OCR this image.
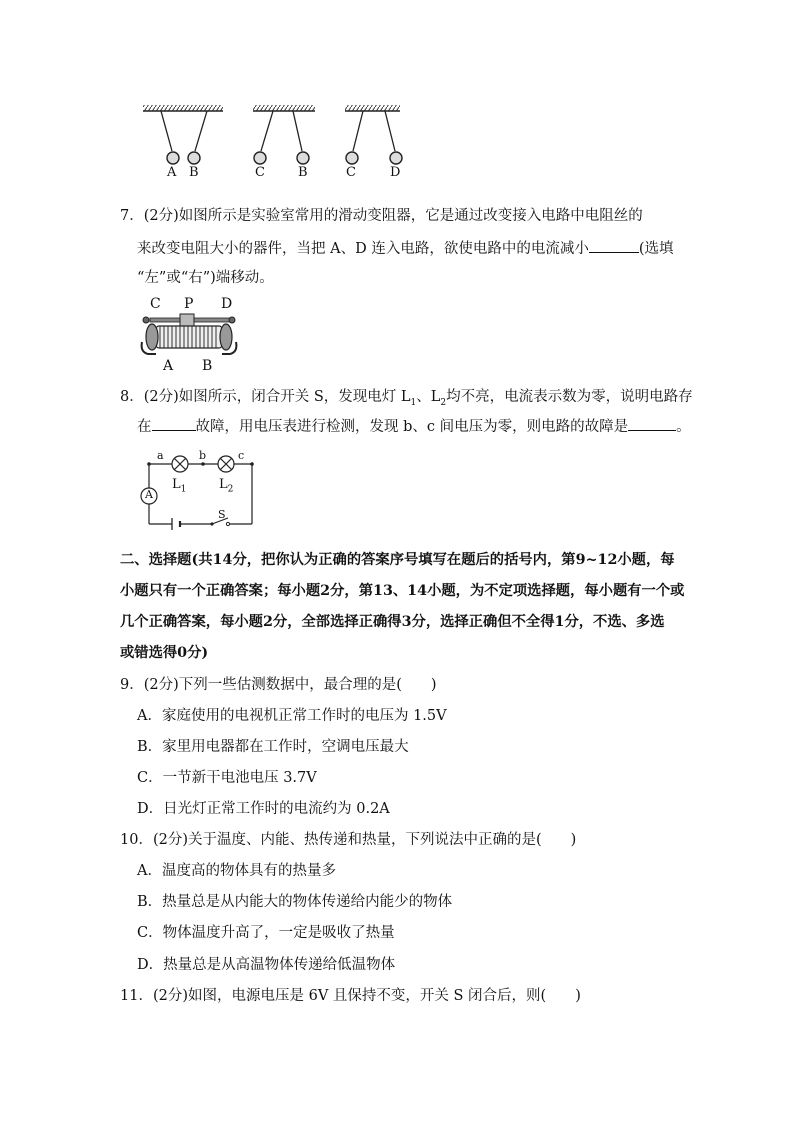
A B	C	B	C	D
7．(2分)如图所示是实验室常用的滑动变阻器，它是通过改变接入电路中电阻丝的
来改变电阻大小的器件，当把 A、D 连入电路，欲使电路中的电流减小	(选填
“左”或“右”)端移动。
C P D
A B
8．(2分)如图所示，闭合开关 S，发现电灯 $L_1$、$L_2$均不亮，电流表示数为零，说明电路存
在	故障，用电压表进行检测，发现 b、c 间电压为零，则电路的故障是	。
a	b	c
A
$L_1$	$L_2$
S
二、选择题(共14分，把你认为正确的答案序号填写在题后的括号内，第9~12小题，每
小题只有一个正确答案；每小题2分，第13、14小题，为不定项选择题，每小题有一个或
几个正确答案，每小题2分，全部选择正确得3分，选择正确但不全得1分，不选、多选
或错选得0分)
9．(2分)下列一些估测数据中，最合理的是(　　)
A．家庭使用的电视机正常工作时的电压为 1.5V
B．家里用电器都在工作时，空调电压最大
C．一节新干电池电压 3.7V
D．日光灯正常工作时的电流约为 0.2A
10．(2分)关于温度、内能、热传递和热量，下列说法中正确的是(　　)
A．温度高的物体具有的热量多
B．热量总是从内能大的物体传递给内能少的物体
C．物体温度升高了，一定是吸收了热量
D．热量总是从高温物体传递给低温物体
11．(2分)如图，电源电压是 6V 且保持不变，开关 S 闭合后，则(　　)
